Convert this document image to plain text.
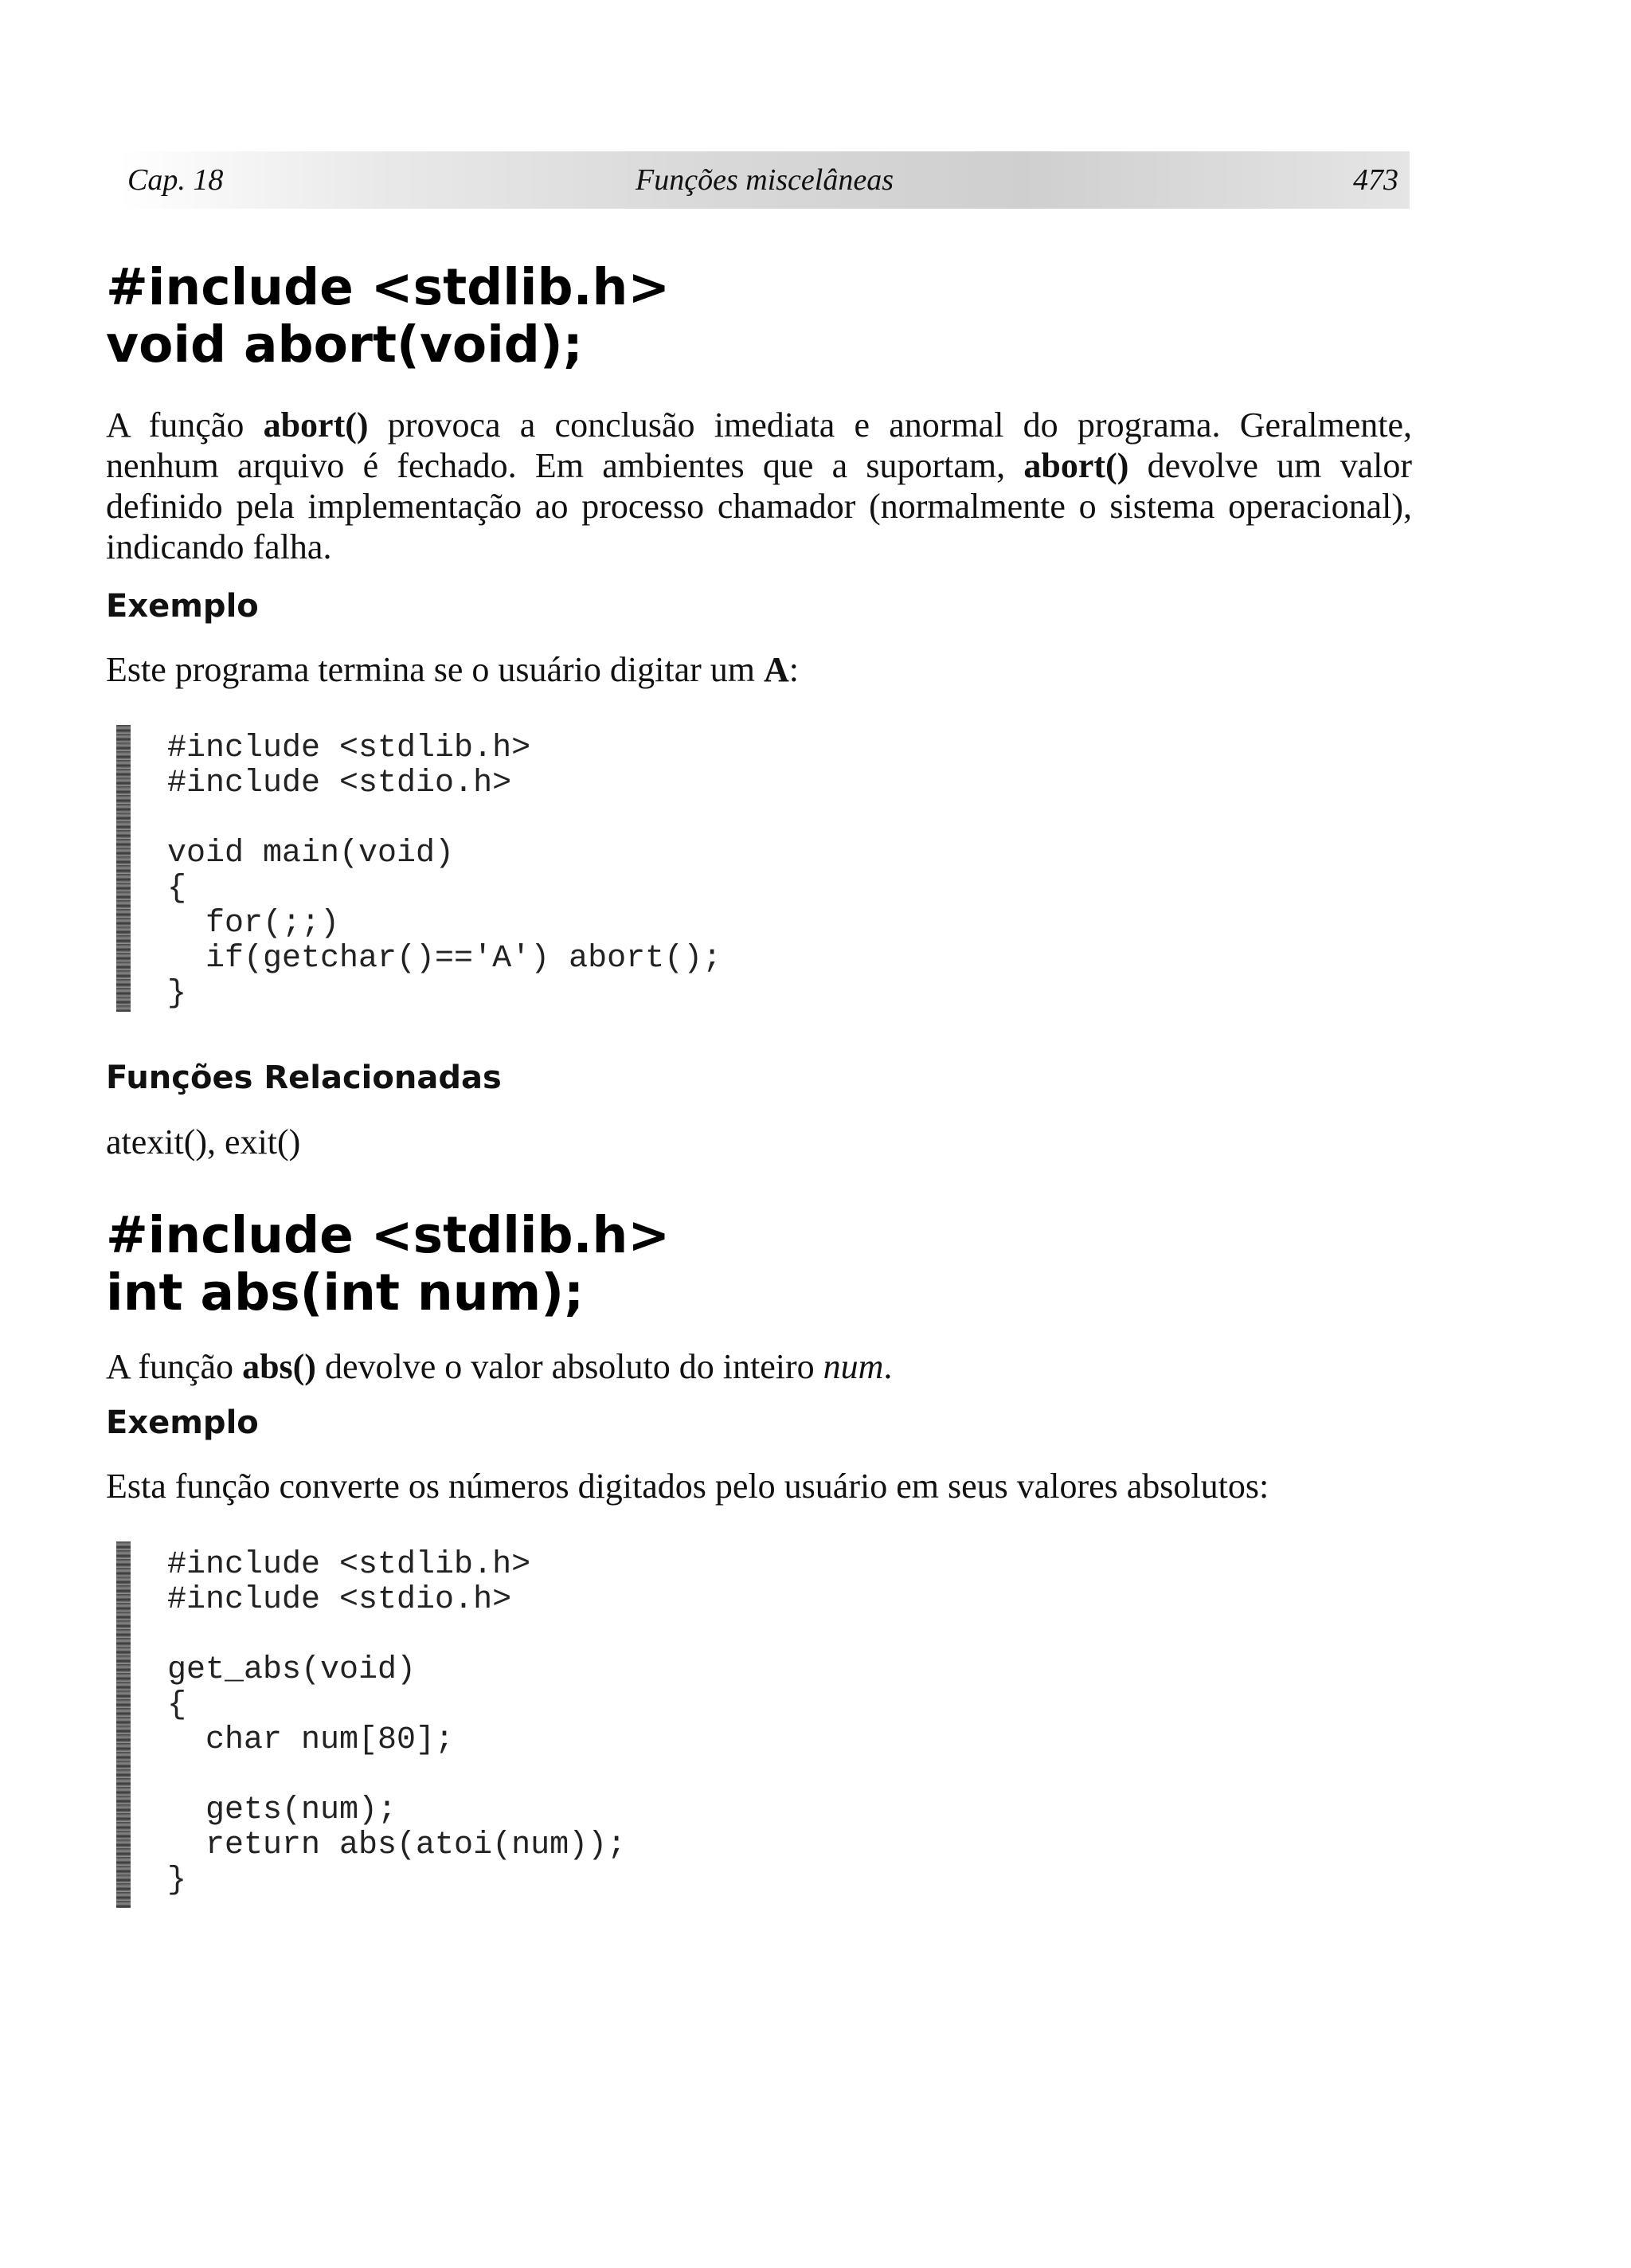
Cap. 18	Funções miscelâneas	473
#include <stdlib.h>
void abort(void);

A função abort() provoca a conclusão imediata e anormal do programa. Geralmente, nenhum arquivo é fechado. Em ambientes que a suportam, abort() devolve um valor definido pela implementação ao processo chamador (normalmente o sistema operacional), indicando falha.

Exemplo

Este programa termina se o usuário digitar um A:

#include <stdlib.h>
#include <stdio.h>

void main(void)
{
for(;;)
if(getchar()=='A') abort();
}
Funções Relacionadas
atexit(), exit()
#include <stdlib.h>
int abs(int num);

A função abs() devolve o valor absoluto do inteiro num.

Exemplo

Esta função converte os números digitados pelo usuário em seus valores absolutos:

#include <stdlib.h>
#include <stdio.h>

get_abs(void)
{
char num[80];

gets(num);
return abs(atoi(num));
}
